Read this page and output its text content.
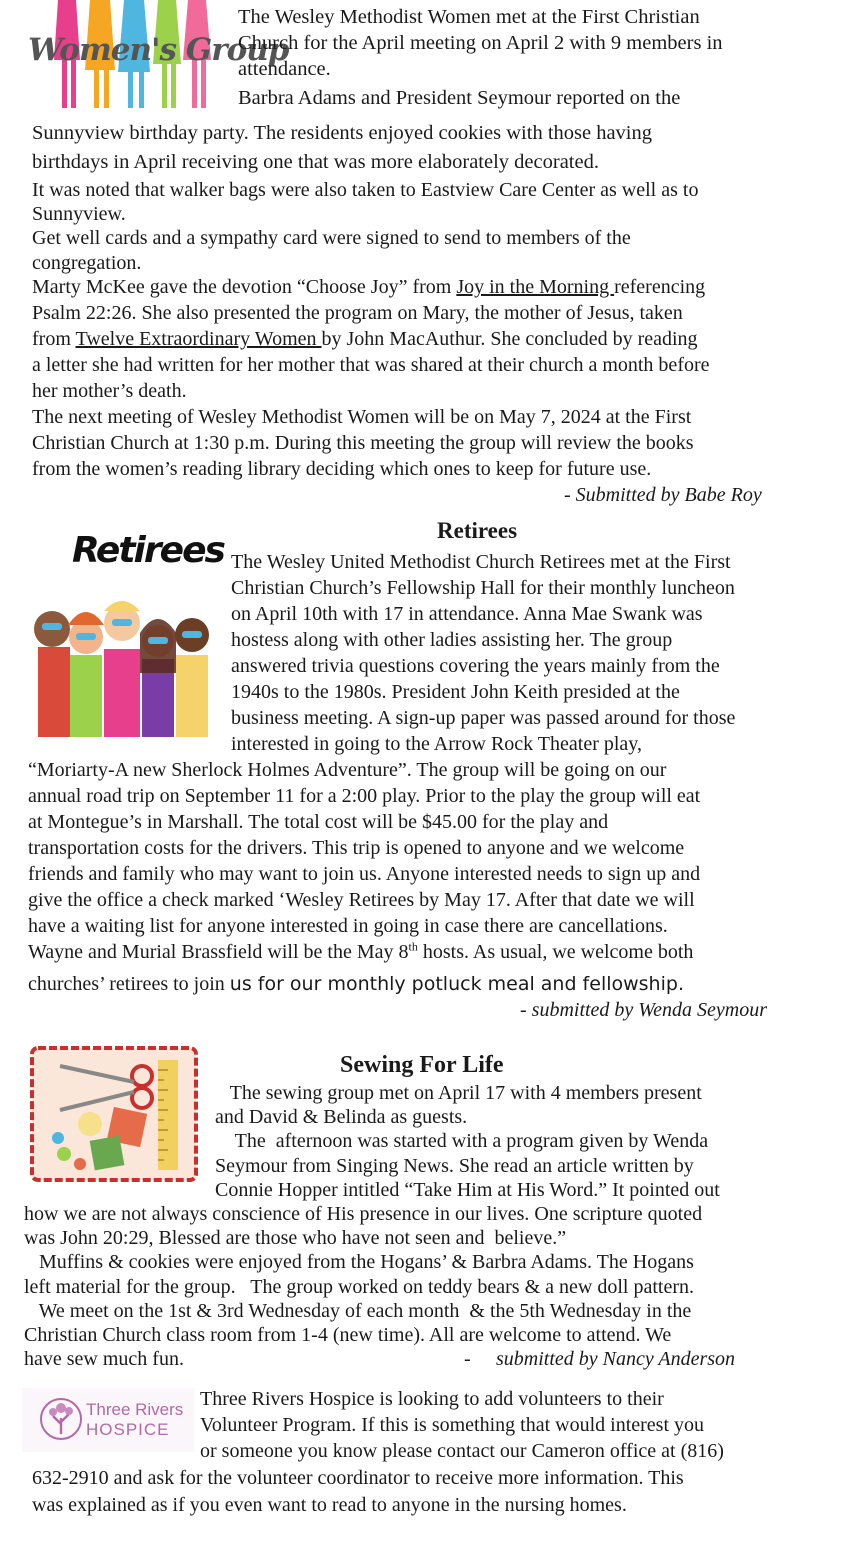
Women's Group
The Wesley Methodist Women met at the First Christian
Church for the April meeting on April 2 with 9 members in
attendance.
Barbra Adams and President Seymour reported on the
Sunnyview birthday party. The residents enjoyed cookies with those having
birthdays in April receiving one that was more elaborately decorated.
It was noted that walker bags were also taken to Eastview Care Center as well as to
Sunnyview.
Get well cards and a sympathy card were signed to send to members of the
congregation.
Marty McKee gave the devotion “Choose Joy” from Joy in the Morning referencing
Psalm 22:26. She also presented the program on Mary, the mother of Jesus, taken
from Twelve Extraordinary Women by John MacAuthur. She concluded by reading
a letter she had written for her mother that was shared at their church a month before
her mother’s death.
The next meeting of Wesley Methodist Women will be on May 7, 2024 at the First
Christian Church at 1:30 p.m. During this meeting the group will review the books
from the women’s reading library deciding which ones to keep for future use.
- Submitted by Babe Roy
Retirees
Retirees The Wesley United Methodist Church Retirees met at the First
Christian Church’s Fellowship Hall for their monthly luncheon
on April 10th with 17 in attendance. Anna Mae Swank was
hostess along with other ladies assisting her. The group
answered trivia questions covering the years mainly from the
1940s to the 1980s. President John Keith presided at the
business meeting. A sign-up paper was passed around for those
interested in going to the Arrow Rock Theater play,
“Moriarty-A new Sherlock Holmes Adventure”. The group will be going on our
annual road trip on September 11 for a 2:00 play. Prior to the play the group will eat
at Montegue’s in Marshall. The total cost will be $45.00 for the play and
transportation costs for the drivers. This trip is opened to anyone and we welcome
friends and family who may want to join us. Anyone interested needs to sign up and
give the office a check marked ‘Wesley Retirees by May 17. After that date we will
have a waiting list for anyone interested in going in case there are cancellations.
Wayne and Murial Brassfield will be the May 8th hosts. As usual, we welcome both
churches’ retirees to join us for our monthly potluck meal and fellowship.
- submitted by Wenda Seymour
Sewing For Life
The sewing group met on April 17 with 4 members present
and David & Belinda as guests.
The  afternoon was started with a program given by Wenda
Seymour from Singing News. She read an article written by
Connie Hopper intitled “Take Him at His Word.” It pointed out
how we are not always conscience of His presence in our lives. One scripture quoted
was John 20:29, Blessed are those who have not seen and  believe.”
Muffins & cookies were enjoyed from the Hogans’ & Barbra Adams. The Hogans
left material for the group.   The group worked on teddy bears & a new doll pattern.
We meet on the 1st & 3rd Wednesday of each month  & the 5th Wednesday in the
Christian Church class room from 1-4 (new time). All are welcome to attend. We
have sew much fun.	- submitted by Nancy Anderson
Three Rivers
HOSPICE
Three Rivers Hospice is looking to add volunteers to their
Volunteer Program. If this is something that would interest you
or someone you know please contact our Cameron office at (816)
632-2910 and ask for the volunteer coordinator to receive more information. This
was explained as if you even want to read to anyone in the nursing homes.
